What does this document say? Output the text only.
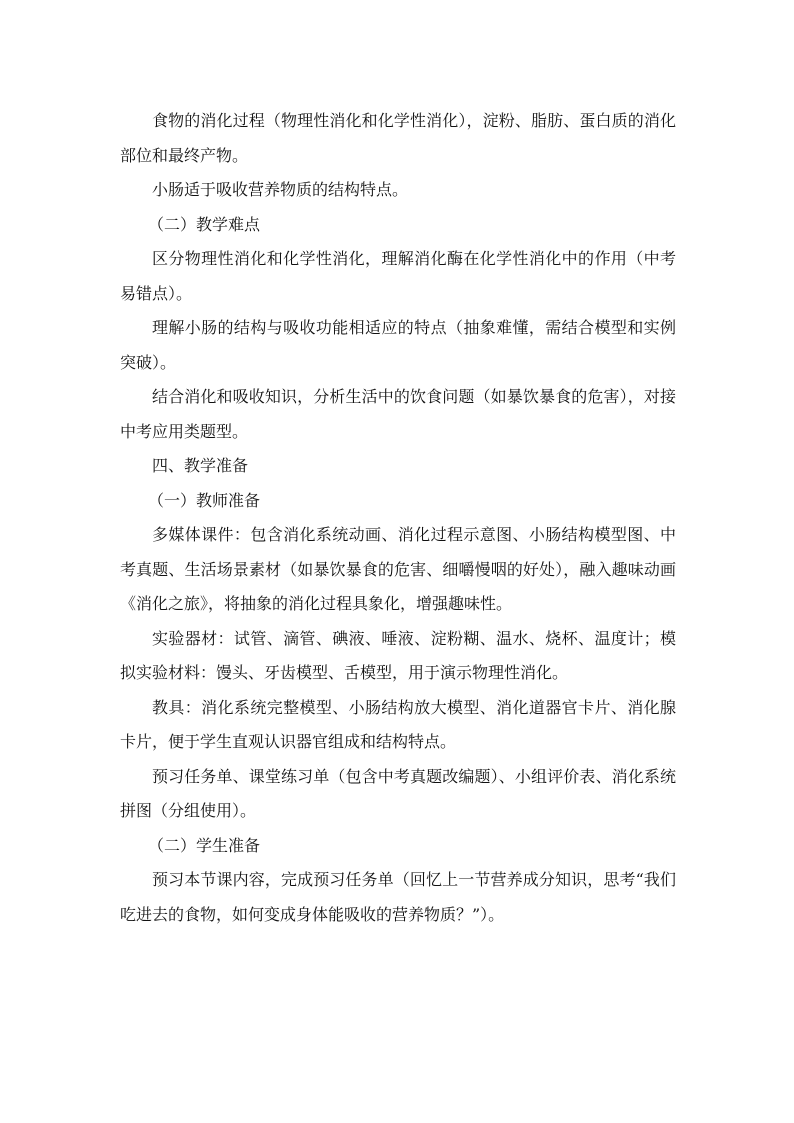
食物的消化过程（物理性消化和化学性消化），淀粉、脂肪、蛋白质的消化部位和最终产物。

小肠适于吸收营养物质的结构特点。

（二）教学难点

区分物理性消化和化学性消化，理解消化酶在化学性消化中的作用（中考易错点）。

理解小肠的结构与吸收功能相适应的特点（抽象难懂，需结合模型和实例突破）。

结合消化和吸收知识，分析生活中的饮食问题（如暴饮暴食的危害），对接中考应用类题型。

四、教学准备

（一）教师准备

多媒体课件：包含消化系统动画、消化过程示意图、小肠结构模型图、中考真题、生活场景素材（如暴饮暴食的危害、细嚼慢咽的好处），融入趣味动画《消化之旅》，将抽象的消化过程具象化，增强趣味性。

实验器材：试管、滴管、碘液、唾液、淀粉糊、温水、烧杯、温度计；模拟实验材料：馒头、牙齿模型、舌模型，用于演示物理性消化。

教具：消化系统完整模型、小肠结构放大模型、消化道器官卡片、消化腺卡片，便于学生直观认识器官组成和结构特点。

预习任务单、课堂练习单（包含中考真题改编题）、小组评价表、消化系统拼图（分组使用）。

（二）学生准备

预习本节课内容，完成预习任务单（回忆上一节营养成分知识，思考“我们吃进去的食物，如何变成身体能吸收的营养物质？”）。
